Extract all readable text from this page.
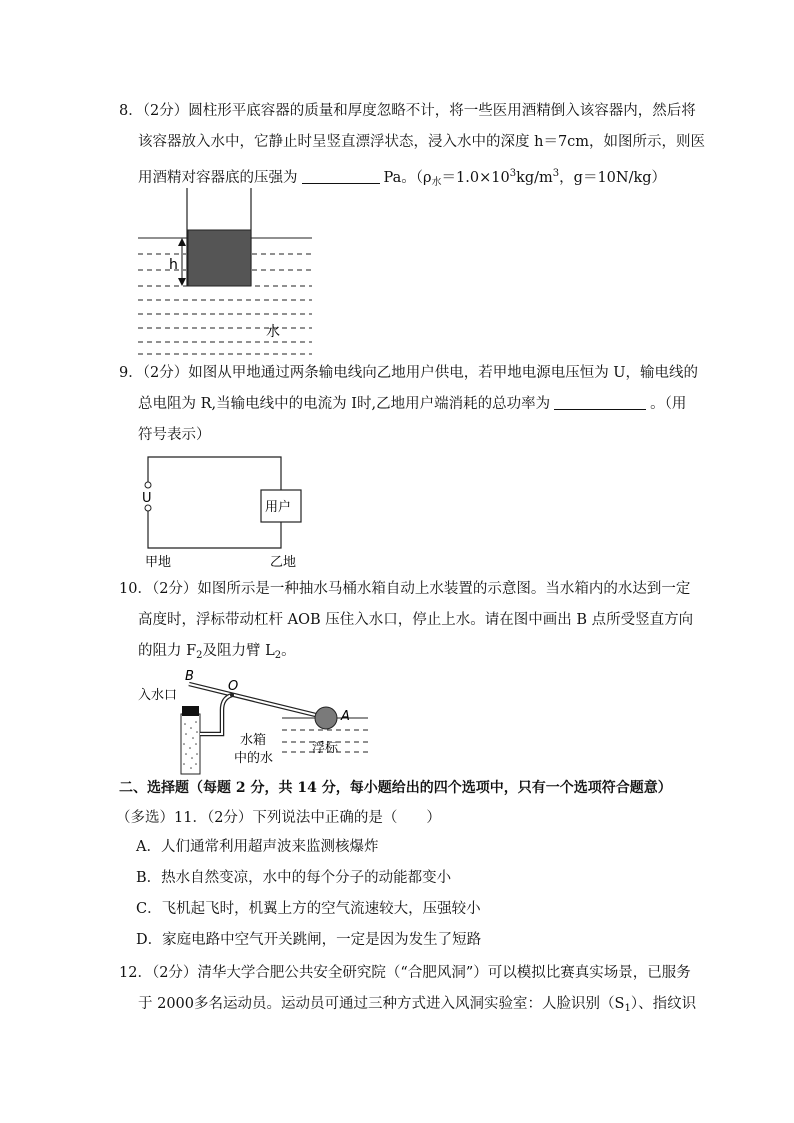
8．（2分）圆柱形平底容器的质量和厚度忽略不计，将一些医用酒精倒入该容器内，然后将
该容器放入水中，它静止时呈竖直漂浮状态，浸入水中的深度 h＝7cm，如图所示，则医
用酒精对容器底的压强为	Pa。（$\rho_水=1.0\times 10^3kg/m^3$，g＝10N/kg）
h
水
9．（2分）如图从甲地通过两条输电线向乙地用户供电，若甲地电源电压恒为 U，输电线的
总电阻为 R,当输电线中的电流为 I时,乙地用户端消耗的总功率为	。（用
符号表示）
U
用户
甲地	乙地
10．（2分）如图所示是一种抽水马桶水箱自动上水装置的示意图。当水箱内的水达到一定
高度时，浮标带动杠杆 AOB 压住入水口，停止上水。请在图中画出 B 点所受竖直方向
的阻力 $F_2$及阻力臂 $L_2$。
B
O
A
入水口
水箱
中的水
浮标
二、选择题（每题 2 分，共 14 分，每小题给出的四个选项中，只有一个选项符合题意）
（多选）11．（2分）下列说法中正确的是（　　）
A．人们通常利用超声波来监测核爆炸
B．热水自然变凉，水中的每个分子的动能都变小
C．飞机起飞时，机翼上方的空气流速较大，压强较小
D．家庭电路中空气开关跳闸，一定是因为发生了短路
12．（2分）清华大学合肥公共安全研究院（“合肥风洞”）可以模拟比赛真实场景，已服务
于 2000多名运动员。运动员可通过三种方式进入风洞实验室：人脸识别$(S_1)$、指纹识
